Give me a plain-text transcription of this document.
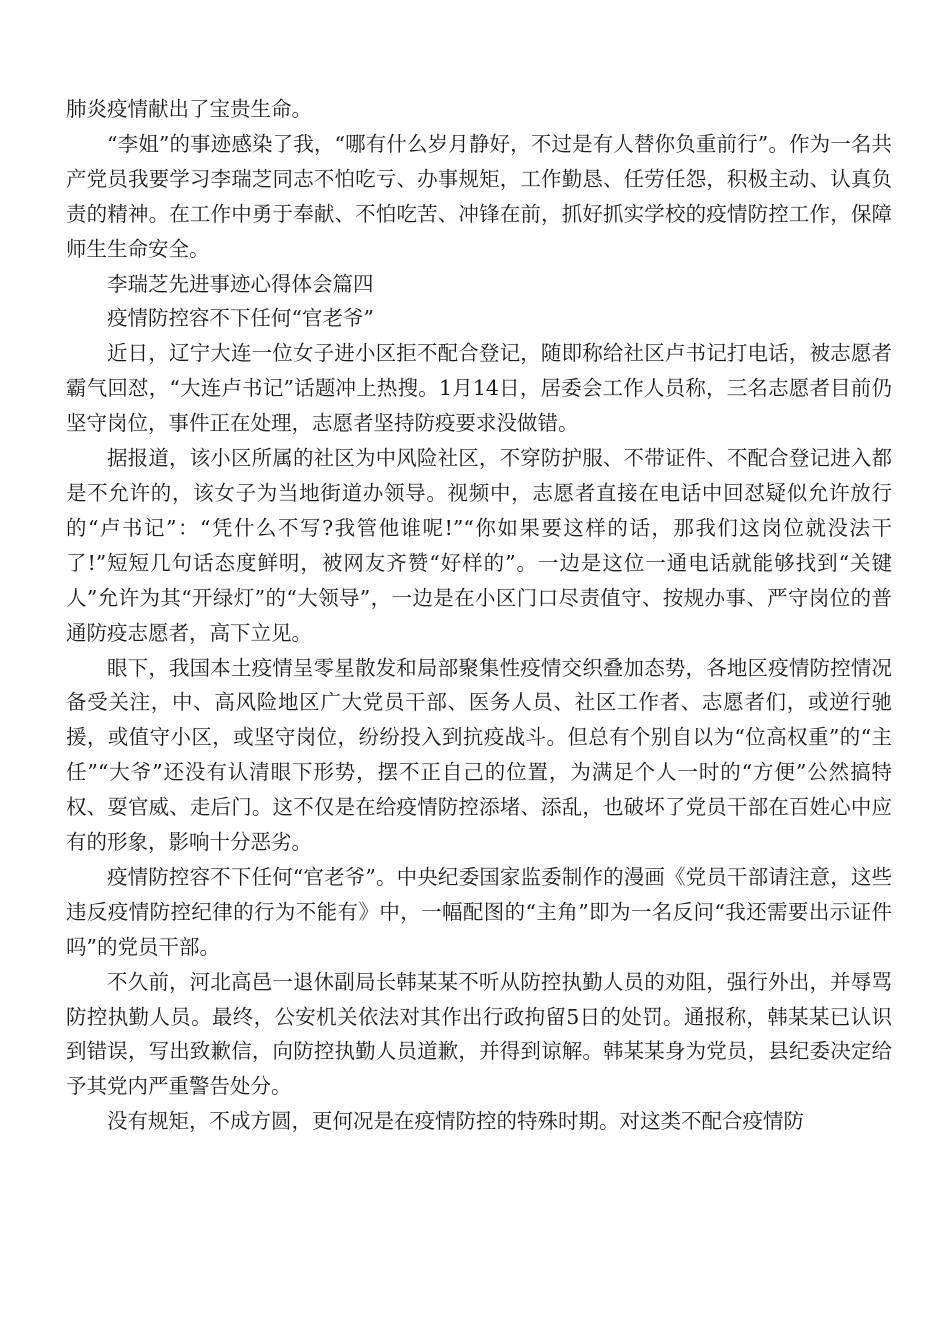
肺炎疫情献出了宝贵生命。

“李姐”的事迹感染了我，“哪有什么岁月静好，不过是有人替你负重前行”。作为一名共产党员我要学习李瑞芝同志不怕吃亏、办事规矩，工作勤恳、任劳任怨，积极主动、认真负责的精神。在工作中勇于奉献、不怕吃苦、冲锋在前，抓好抓实学校的疫情防控工作，保障师生生命安全。

李瑞芝先进事迹心得体会篇四

疫情防控容不下任何“官老爷”

近日，辽宁大连一位女子进小区拒不配合登记，随即称给社区卢书记打电话，被志愿者霸气回怼，“大连卢书记”话题冲上热搜。1月14日，居委会工作人员称，三名志愿者目前仍坚守岗位，事件正在处理，志愿者坚持防疫要求没做错。

据报道，该小区所属的社区为中风险社区，不穿防护服、不带证件、不配合登记进入都是不允许的，该女子为当地街道办领导。视频中，志愿者直接在电话中回怼疑似允许放行的“卢书记”：“凭什么不写?我管他谁呢!”“你如果要这样的话，那我们这岗位就没法干了!”短短几句话态度鲜明，被网友齐赞“好样的”。一边是这位一通电话就能够找到“关键人”允许为其“开绿灯”的“大领导”，一边是在小区门口尽责值守、按规办事、严守岗位的普通防疫志愿者，高下立见。

眼下，我国本土疫情呈零星散发和局部聚集性疫情交织叠加态势，各地区疫情防控情况备受关注，中、高风险地区广大党员干部、医务人员、社区工作者、志愿者们，或逆行驰援，或值守小区，或坚守岗位，纷纷投入到抗疫战斗。但总有个别自以为“位高权重”的“主任”“大爷”还没有认清眼下形势，摆不正自己的位置，为满足个人一时的“方便”公然搞特权、耍官威、走后门。这不仅是在给疫情防控添堵、添乱，也破坏了党员干部在百姓心中应有的形象，影响十分恶劣。

疫情防控容不下任何“官老爷”。中央纪委国家监委制作的漫画《党员干部请注意，这些违反疫情防控纪律的行为不能有》中，一幅配图的“主角”即为一名反问“我还需要出示证件吗”的党员干部。

不久前，河北高邑一退休副局长韩某某不听从防控执勤人员的劝阻，强行外出，并辱骂防控执勤人员。最终，公安机关依法对其作出行政拘留5日的处罚。通报称，韩某某已认识到错误，写出致歉信，向防控执勤人员道歉，并得到谅解。韩某某身为党员，县纪委决定给予其党内严重警告处分。

没有规矩，不成方圆，更何况是在疫情防控的特殊时期。对这类不配合疫情防
